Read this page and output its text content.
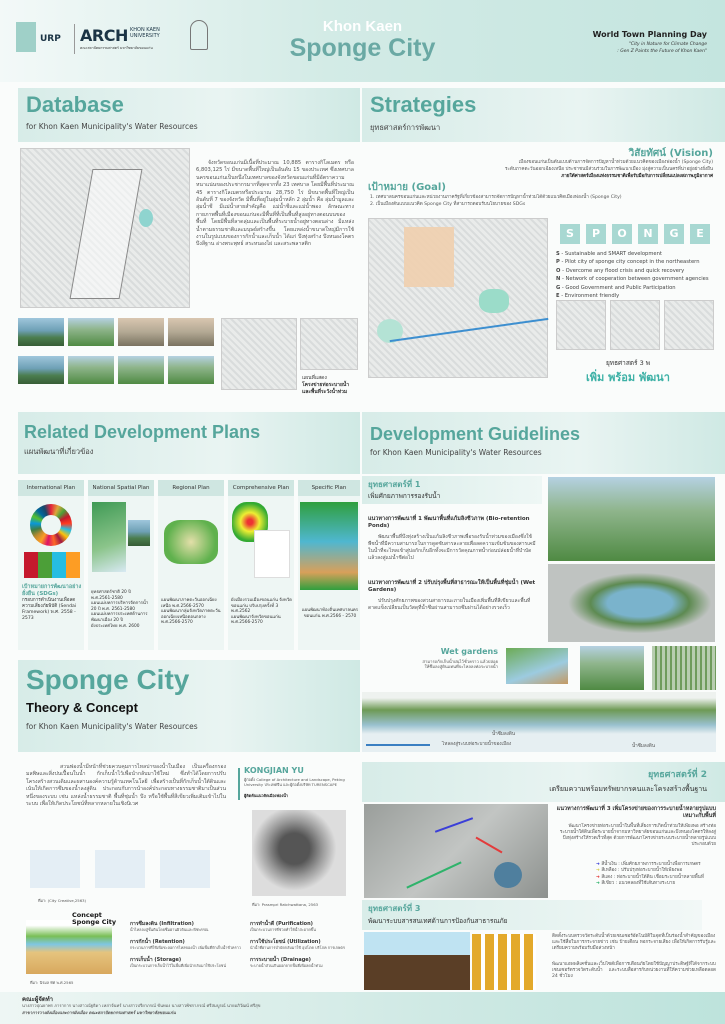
URP ARCH KHON KAEN UNIVERSITY
คณะสถาปัตยกรรมศาสตร์ มหาวิทยาลัยขอนแก่น
Khon Kaen
Sponge City	World Town Planning Day
"City in Nature for Climate Change
: Gen Z Paints the Future of Khon Kaen"
Database
for Khon Kaen Municipality's Water Resources
จังหวัดขอนแก่นมีเนื้อที่ประมาณ 10,885 ตารางกิโลเมตร หรือ 6,803,125 ไร่ มีขนาดพื้นที่ใหญ่เป็นอันดับ 15 ของประเทศ ซึ่งเทศบาลนครขอนแก่นเป็นหนึ่งในเทศบาลของจังหวัดขอนแก่นที่มีอัตราความหนาแน่นของประชากรมากที่สุดจากทั้ง 23 เทศบาล โดยมีพื้นที่ประมาณ 45 ตารางกิโลเมตรหรือประมาณ 28,750 ไร่ มีขนาดพื้นที่ใหญ่เป็นอันดับที่ 7 ของจังหวัด มีพื้นที่อยู่ในลุ่มน้ำหลัก 2 ลุ่มน้ำ คือ ลุ่มน้ำมูลและลุ่มน้ำชี มีแม่น้ำสายสำคัญคือ แม่น้ำชีและแม่น้ำพอง ลักษณะทางกายภาพพื้นที่เมืองขอนแก่นจะมีพื้นที่ที่เป็นพื้นที่สูงอยู่ทางตอนบนของพื้นที่ โดยมีพื้นที่ลาดลุ่มและเป็นพื้นที่ระบายน้ำอยู่ทางตอนล่าง มีแหล่งน้ำตามธรรมชาติและมนุษย์สร้างขึ้น โดยแหล่งน้ำขนาดใหญ่มีการใช้งานในรูปแบบของการกักน้ำและเก็บน้ำ ได้แก่ บึงทุ่งสร้าง บึงหนองโคตร บึงสีฐาน อ่างพระพุทธ์ สระหนองไผ่ และสระพลาสติก
แผนที่แสดง
โครงข่ายท่อระบายน้ำ
และพื้นที่ระวังน้ำท่วม
Strategies
ยุทธศาสตร์การพัฒนา
วิสัยทัศน์ (Vision)
เมืองขอนแก่นเป็นต้นแบบด้านการจัดการปัญหาน้ำท่วมด้วยแนวคิดของเมืองฟองน้ำ (Sponge City)
ระดับภาคตะวันออกเฉียงเหนือ ประชาชนมีส่วนร่วมในการพัฒนาเมือง มุ่งสู่ความเป็นนครที่น่าอยู่อย่างยั่งยืน
ภายใต้ศาสตร์เมืองแห่งธรรมชาติเพื่อรับมือกับการเปลี่ยนแปลงสภาพภูมิอากาศ
เป้าหมาย (Goal)
1. เทศบาลนครขอนแก่นและหน่วยงานภาครัฐที่เกี่ยวข้องสามารถจัดการปัญหาน้ำท่วมได้ด้วยแนวคิดเมืองฟองน้ำ (Sponge City)
2. เป็นเมืองต้นแบบแนวคิด Sponge City ที่สามารถตอบรับนโยบายของ SDGs
S P O N G E
S - Sustainable and SMART development
P - Pilot city of sponge city concept in the northeastern
O - Overcome any flood crisis and quick recovery
N - Network of cooperation between government agencies
G - Good Government and Public Participation
E - Environment friendly
ยุทธศาสตร์ 3 พ
เพิ่ม พร้อม พัฒนา
Related Development Plans
แผนพัฒนาที่เกี่ยวข้อง
International Plan
เป้าหมายการพัฒนาอย่างยั่งยืน (SDGs)
กรอบการดำเนินงานเพื่อลดความเสี่ยงภัยพิบัติ (Sendai Framework) พ.ศ. 2558 - 2573
National Spatial Plan
ยุทธศาสตร์ชาติ 20 ปี พ.ศ.2561-2580
แผนแม่บทการบริหารจัดการน้ำ 20 ปี พ.ศ. 2561-2580
แผนแม่บทการประเทศด้านการพัฒนาเมือง 20 ปี
ผังประเทศไทย พ.ศ. 2600
Regional Plan
แผนพัฒนาภาคตะวันออกเฉียงเหนือ พ.ศ.2566-2570
แผนพัฒนากลุ่มจังหวัดภาคตะวันออกเฉียงเหนือตอนกลาง พ.ศ.2566-2570
Comprehensive Plan
ผังเมืองรวมเมืองขอนแก่น จังหวัดขอนแก่น ปรับปรุงครั้งที่ 3 พ.ศ.2562
แผนพัฒนาจังหวัดขอนแก่น พ.ศ.2566-2570
Specific Plan
แผนพัฒนาท้องถิ่นเทศบาลนครขอนแก่น พ.ศ.2566 - 2570
Development Guidelines
for Khon Kaen Municipality's Water Resources
ยุทธศาสตร์ที่ 1
เพิ่มศักยภาพการรองรับน้ำ
แนวทางการพัฒนาที่ 1 พัฒนาพื้นที่แก้มลิงชีวภาพ (Bio-retention Ponds)
พัฒนาพื้นที่บึงทุ่งสร้างเป็นแก้มลิงชีวภาพเพื่อรองรับน้ำท่วมของเมืองซึ่งใช้พืชน้ำที่มีความสามารถในการดูดซับสารละลายเพื่อลดความเข้มข้นของสารเคมีในน้ำที่จะไหลเข้าสู่บ่อกักเก็บอีกทั้งจะมีการวัดคุณภาพน้ำก่อนปล่อยน้ำที่บำบัดแล้วลงสู่แม่น้ำชีต่อไป
แนวทางการพัฒนาที่ 2 ปรับปรุงพื้นที่สาธารณะให้เป็นพื้นที่ชุ่มน้ำ (Wet Gardens)
ปรับปรุงศักยภาพของสวนสาธารณะภายในเมืองเพิ่มพื้นที่สีเขียวและพื้นที่ดาดแข็งเปลี่ยนเป็นวัสดุที่น้ำซึมผ่านสามารถซึมผ่านได้อย่างรวดเร็ว
Wet gardens
สามารถกักเก็บน้ำฝนไว้ชั่วคราว แล้วปล่อยให้ซึมลงสู่ดินแทนที่จะไหลลงท่อระบายน้ำ
น้ำซึมลงดิน
ไหลลงสู่ระบบท่อระบายน้ำของเมือง	น้ำซึมลงดิน
ยุทธศาสตร์ที่ 2
เตรียมความพร้อมทรัพยากรคนและโครงสร้างพื้นฐาน
แนวทางการพัฒนาที่ 3 เพิ่มโครงข่ายของการระบายน้ำหลายรูปแบบเหมาะกับพื้นที่
พัฒนาโครงข่ายท่อระบายน้ำในพื้นที่เสี่ยงการเกิดน้ำท่วมให้เพียงพอ สร้างท่อระบายน้ำใต้ดินเพื่อระบายน้ำจากมหาวิทยาลัยขอนแก่นและบึงหนองโคตรให้ลงสู่บึงทุ่งสร้างให้รวดเร็วที่สุด ด้วยการพัฒนาโครงข่ายระบบระบายน้ำหลายรูปแบบ ประกอบด้วย
➜ สีน้ำเงิน : เพิ่มศักยภาพการระบายน้ำเพื่อการเกษตร
➜ สีเหลือง : ปรับปรุงท่อระบายน้ำให้เพียงพอ
➜ สีแดง : ท่อระบายน้ำใต้ดิน เชื่อมระบายน้ำหลายพื้นที่
➜ สีเขียว : แนวคลองที่ใช้เส้นทางระบาย
ยุทธศาสตร์ที่ 3
พัฒนาระบบสารสนเทศด้านการป้องกันสาธารณภัย
ติดตั้งระบบตรวจวัดระดับน้ำด้วยเซนเซอร์อัตโนมัติในจุดที่เป็นร่องน้ำสำคัญของเมืองและใช้สื่อในการกระจายข่าว เช่น ป้ายเตือน หอกระจายเสียง เพื่อให้เกิดการรับรู้และเตรียมความพร้อมรับมือล่วงหน้า
พัฒนาแอพพลิเคชั่นและเว็บไซต์เพื่อการเตือนภัยโดยใช้ปัญญาประดิษฐ์ที่ได้จากระบบเซนเซอร์ตรวจวัดระดับน้ำ และระบบสื่อสารกับหน่วยงานที่ให้ความช่วยเหลือตลอด 24 ชั่วโมง
Sponge City
Theory & Concept
for Khon Kaen Municipality's Water Resources
สวนฟองน้ำมีหน้าที่ช่วยควบคุมการไหลบ่าของน้ำในเมือง เป็นเครื่องกรองมลพิษและสิ่งปนเปื้อนในน้ำ กักเก็บน้ำไว้เพื่อนำกลับมาใช้ใหม่ ซึ่งทำได้โดยการปรับโครงสร้างสวนเดิมและผสานองค์ความรู้ด้านเทคโนโลยี เพื่อสร้างเป็นที่กักเก็บน้ำใต้ดินและเน้นให้เกิดการซึมของน้ำลงสู่ดิน ประกอบกับการนำองค์ประกอบทางธรรมชาติมาเป็นส่วนหนึ่งของระบบ เช่น แหล่งน้ำธรรมชาติ พื้นที่ชุ่มน้ำ บึง หรือใช้พื้นที่สีเขียวเพิ่มเติมเข้าไปในระบบ เพื่อให้เกิดประโยชน์ที่หลากหลายในเชิงนิเวศ
KONGJIAN YU
ผู้ก่อตั้ง College of Architecture and Landscape, Peking University ประเทศจีน และผู้ก่อตั้งบริษัท TURENSCAPE
ผู้คิดค้นแนวคิดเมืองฟองน้ำ
ที่มา: Prasmpri Ratchwattana, 2563
ที่มา: (City Creative,2563)
Concept Sponge City
ที่มา: นิรมล ทัศ พ.ศ.2565
การซึมลงดิน (Infiltration)
น้ำไหลลงสู่ชั้นดินโดยซึมผ่านผิวดินและพืชพรรณ
การกักน้ำ (Retention)
กระบวนการที่ใช้เพื่อชะลอการไหลของน้ำ เพิ่มพื้นที่กักเก็บน้ำชั่วคราว
การเก็บน้ำ (Storage)
เป็นกระบวนการเก็บน้ำไว้ในพื้นที่เพื่อนำกลับมาใช้ประโยชน์
การทำน้ำดี (Purification)
เป็นกระบวนการที่ช่วยทำให้น้ำสะอาดขึ้น
การใช้ประโยชน์ (Utilization)
นำน้ำที่ผ่านการบำบัดกลับมาใช้ อุปโภค บริโภค การเกษตร
การระบายน้ำ (Drainage)
ระบายน้ำส่วนเกินออกจากพื้นที่เพื่อลดน้ำท่วม
คณะผู้จัดทำ
นางสาวปุณยาพร ภาราการ นางสาวณัฐธิดา เหล่าจันทร์ นางสาวปรียาภรณ์ ขันทอง นางสาวพัชราภรณ์ ศรีสมบูรณ์ นายอภิวัฒน์ ศรีสุข
สาขาการวางผังเมืองและการผังเมือง คณะสถาปัตยกรรมศาสตร์ มหาวิทยาลัยขอนแก่น
